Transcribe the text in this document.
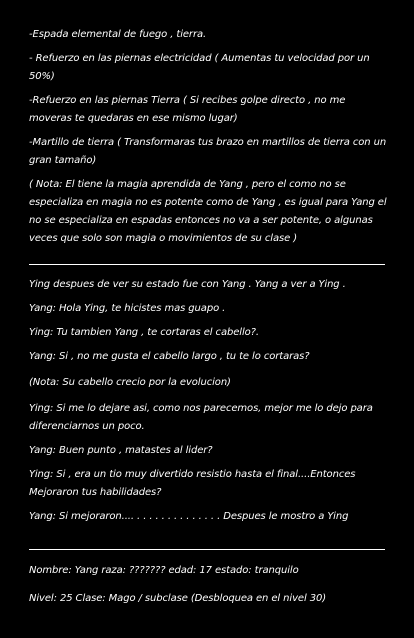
-Espada elemental de fuego , tierra.

- Refuerzo en las piernas electricidad ( Aumentas tu velocidad por un 50%)

-Refuerzo en las piernas Tierra ( Si recibes golpe directo , no me moveras te quedaras en ese mismo lugar)

-Martillo de tierra ( Transformaras tus brazo en martillos de tierra con un gran tamaño)

( Nota: El tiene la magia aprendida de Yang , pero el como no se especializa en magia no es potente como de Yang , es igual para Yang el no se especializa en espadas entonces no va a ser potente, o algunas veces que solo son magia o movimientos de su clase )

Ying despues de ver su estado fue con Yang . Yang a ver a Ying .

Yang: Hola Ying, te hicistes mas guapo .

Ying: Tu tambien Yang , te cortaras el cabello?.

Yang: Si , no me gusta el cabello largo , tu te lo cortaras?

(Nota: Su cabello crecio por la evolucion)

Ying: Si me lo dejare asi, como nos parecemos, mejor me lo dejo para diferenciarnos un poco.

Yang: Buen punto , matastes al lider?

Ying: Si , era un tio muy divertido resistio hasta el final....Entonces Mejoraron tus habilidades?

Yang: Si mejoraron.... . . . . . . . . . . . . . . Despues le mostro a Ying

Nombre: Yang raza: ??????? edad: 17 estado: tranquilo

Nivel: 25 Clase: Mago / subclase (Desbloquea en el nivel 30)
